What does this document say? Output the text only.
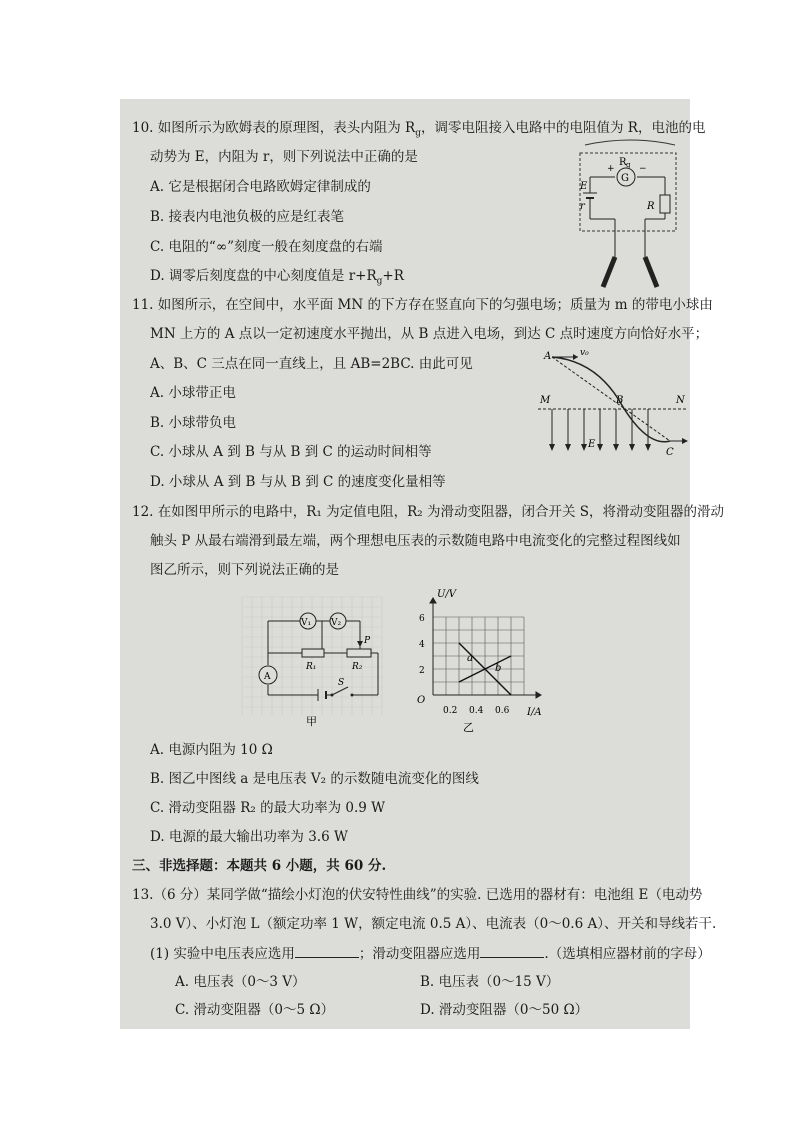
10. 如图所示为欧姆表的原理图，表头内阻为 $R_g$，调零电阻接入电路中的电阻值为 R，电池的电
动势为 E，内阻为 r，则下列说法中正确的是
A. 它是根据闭合电路欧姆定律制成的
B. 接表内电池负极的应是红表笔
C. 电阻的“∞”刻度一般在刻度盘的右端
D. 调零后刻度盘的中心刻度值是 $r+R_g+R$
G
R g
+	−
E
r	R
11. 如图所示，在空间中，水平面 MN 的下方存在竖直向下的匀强电场；质量为 m 的带电小球由
MN 上方的 A 点以一定初速度水平抛出，从 B 点进入电场，到达 C 点时速度方向恰好水平；
A、B、C 三点在同一直线上，且 AB=2BC. 由此可见
A. 小球带正电
B. 小球带负电
C. 小球从 A 到 B 与从 B 到 C 的运动时间相等
D. 小球从 A 到 B 与从 B 到 C 的速度变化量相等
A	v₀
M	B	N
E
C
12. 在如图甲所示的电路中，R₁ 为定值电阻，R₂ 为滑动变阻器，闭合开关 S，将滑动变阻器的滑动
触头 P 从最右端滑到最左端，两个理想电压表的示数随电路中电流变化的完整过程图线如
图乙所示，则下列说法正确的是
V₁ V₂
R₁	R₂
P
A
S
甲
U/V
I/A
O
2
4
6
0.2 0.4 0.6
a
b
乙
A. 电源内阻为 10 Ω
B. 图乙中图线 a 是电压表 V₂ 的示数随电流变化的图线
C. 滑动变阻器 R₂ 的最大功率为 0.9 W
D. 电源的最大输出功率为 3.6 W
三、非选择题：本题共 6 小题，共 60 分.
13.（6 分）某同学做“描绘小灯泡的伏安特性曲线”的实验. 已选用的器材有：电池组 E（电动势
3.0 V）、小灯泡 L（额定功率 1 W，额定电流 0.5 A）、电流表（0～0.6 A）、开关和导线若干.
(1) 实验中电压表应选用	；滑动变阻器应选用	.（选填相应器材前的字母）
A. 电压表（0～3 V）	B. 电压表（0～15 V）
C. 滑动变阻器（0～5 Ω）	D. 滑动变阻器（0～50 Ω）
